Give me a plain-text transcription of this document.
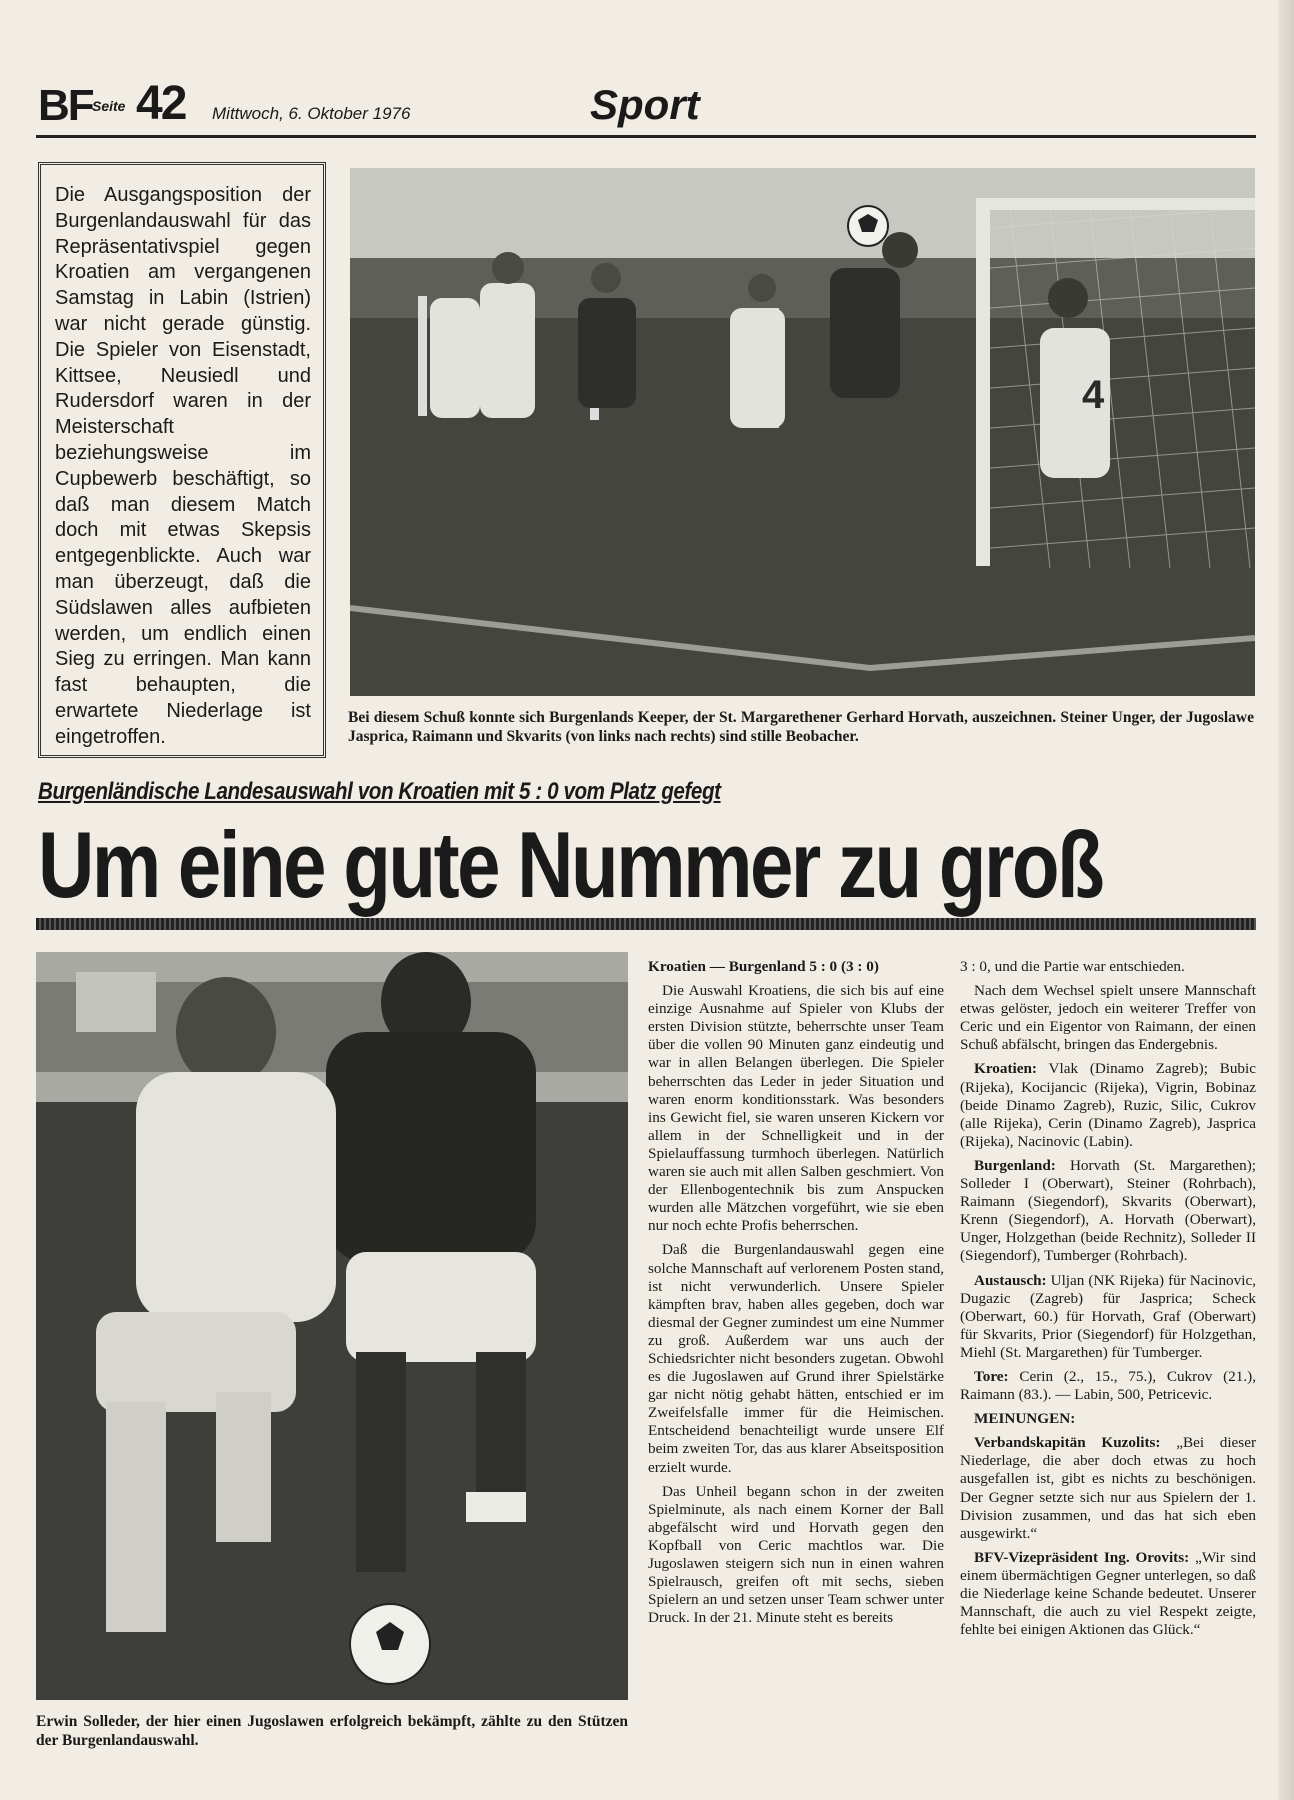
BF Seite 42 Mittwoch, 6. Oktober 1976	Sport
Die Ausgangsposition der Burgenlandauswahl für das Repräsentativspiel gegen Kroatien am vergangenen Samstag in Labin (Istrien) war nicht gerade günstig. Die Spieler von Eisenstadt, Kittsee, Neusiedl und Rudersdorf waren in der Meisterschaft beziehungsweise im Cupbewerb beschäftigt, so daß man diesem Match doch mit etwas Skepsis entgegenblickte. Auch war man überzeugt, daß die Südslawen alles aufbieten werden, um endlich einen Sieg zu erringen. Man kann fast behaupten, die erwartete Niederlage ist eingetroffen.
4
Bei diesem Schuß konnte sich Burgenlands Keeper, der St. Margarethener Gerhard Horvath, auszeichnen. Steiner Unger, der Jugoslawe Jasprica, Raimann und Skvarits (von links nach rechts) sind stille Beobacher.
Burgenländische Landesauswahl von Kroatien mit 5 : 0 vom Platz gefegt
Um eine gute Nummer zu groß
Erwin Solleder, der hier einen Jugoslawen erfolgreich bekämpft, zählte zu den Stützen der Burgenlandauswahl.

Kroatien — Burgenland 5 : 0 (3 : 0)

Die Auswahl Kroatiens, die sich bis auf eine einzige Ausnahme auf Spieler von Klubs der ersten Division stützte, beherrschte unser Team über die vollen 90 Minuten ganz eindeutig und war in allen Belangen überlegen. Die Spieler beherrschten das Leder in jeder Situation und waren enorm konditionsstark. Was besonders ins Gewicht fiel, sie waren unseren Kickern vor allem in der Schnelligkeit und in der Spielauffassung turmhoch überlegen. Natürlich waren sie auch mit allen Salben geschmiert. Von der Ellenbogentechnik bis zum Anspucken wurden alle Mätzchen vorgeführt, wie sie eben nur noch echte Profis beherrschen.

Daß die Burgenlandauswahl gegen eine solche Mannschaft auf verlorenem Posten stand, ist nicht verwunderlich. Unsere Spieler kämpften brav, haben alles gegeben, doch war diesmal der Gegner zumindest um eine Nummer zu groß. Außerdem war uns auch der Schiedsrichter nicht besonders zugetan. Obwohl es die Jugoslawen auf Grund ihrer Spielstärke gar nicht nötig gehabt hätten, entschied er im Zweifelsfalle immer für die Heimischen. Entscheidend benachteiligt wurde unsere Elf beim zweiten Tor, das aus klarer Abseitsposition erzielt wurde.

Das Unheil begann schon in der zweiten Spielminute, als nach einem Korner der Ball abgefälscht wird und Horvath gegen den Kopfball von Ceric machtlos war. Die Jugoslawen steigern sich nun in einen wahren Spielrausch, greifen oft mit sechs, sieben Spielern an und setzen unser Team schwer unter Druck. In der 21. Minute steht es bereits

3 : 0, und die Partie war entschieden.

Nach dem Wechsel spielt unsere Mannschaft etwas gelöster, jedoch ein weiterer Treffer von Ceric und ein Eigentor von Raimann, der einen Schuß abfälscht, bringen das Endergebnis.

Kroatien: Vlak (Dinamo Zagreb); Bubic (Rijeka), Kocijancic (Rijeka), Vigrin, Bobinaz (beide Dinamo Zagreb), Ruzic, Silic, Cukrov (alle Rijeka), Cerin (Dinamo Zagreb), Jasprica (Rijeka), Nacinovic (Labin).

Burgenland: Horvath (St. Margarethen); Solleder I (Oberwart), Steiner (Rohrbach), Raimann (Siegendorf), Skvarits (Oberwart), Krenn (Siegendorf), A. Horvath (Oberwart), Unger, Holzgethan (beide Rechnitz), Solleder II (Siegendorf), Tumberger (Rohrbach).

Austausch: Uljan (NK Rijeka) für Nacinovic, Dugazic (Zagreb) für Jasprica; Scheck (Oberwart, 60.) für Horvath, Graf (Oberwart) für Skvarits, Prior (Siegendorf) für Holzgethan, Miehl (St. Margarethen) für Tumberger.

Tore: Cerin (2., 15., 75.), Cukrov (21.), Raimann (83.). — Labin, 500, Petricevic.

MEINUNGEN:

Verbandskapitän Kuzolits: „Bei dieser Niederlage, die aber doch etwas zu hoch ausgefallen ist, gibt es nichts zu beschönigen. Der Gegner setzte sich nur aus Spielern der 1. Division zusammen, und das hat sich eben ausgewirkt.“

BFV-Vizepräsident Ing. Orovits: „Wir sind einem übermächtigen Gegner unterlegen, so daß die Niederlage keine Schande bedeutet. Unserer Mannschaft, die auch zu viel Respekt zeigte, fehlte bei einigen Aktionen das Glück.“
